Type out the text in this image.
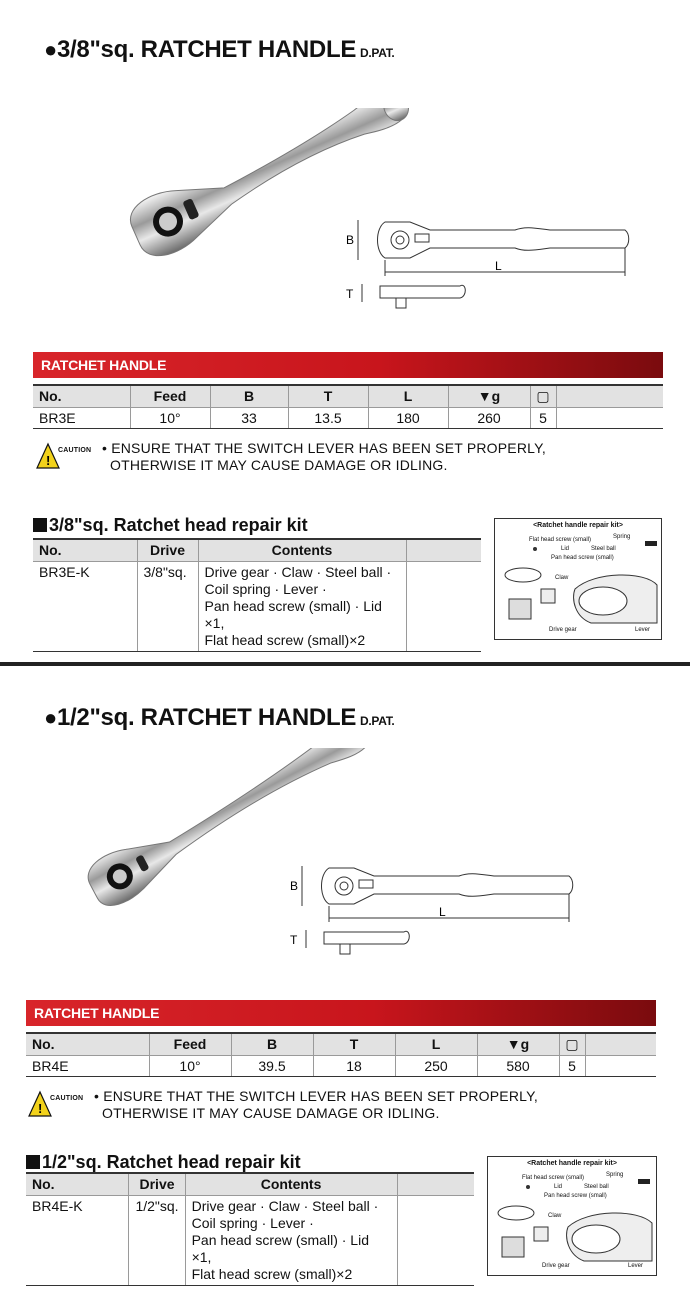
●3/8"sq. RATCHET HANDLE D.PAT.
B
L
T
RATCHET HANDLE
No.	Feed	B	T	L	▼g	▢	
BR3E	10°	33	13.5	180	260	5	
!
CAUTION • ENSURE THAT THE SWITCH LEVER HAS BEEN SET PROPERLY,
OTHERWISE IT MAY CAUSE DAMAGE OR IDLING.
3/8"sq. Ratchet head repair kit
No.	Drive	Contents	
BR3E-K	3/8"sq.	Drive gear · Claw · Steel ball ·
Coil spring · Lever ·
Pan head screw (small) · Lid ×1,
Flat head screw (small)×2	

<Ratchet handle repair kit>
Flat head screw (small)
Lid
Pan head screw (small)
Claw
Steel ball
Spring
Drive gear	Lever
●1/2"sq. RATCHET HANDLE D.PAT.
B
L
T
RATCHET HANDLE
No.	Feed	B	T	L	▼g	▢	
BR4E	10°	39.5	18	250	580	5	
!
CAUTION • ENSURE THAT THE SWITCH LEVER HAS BEEN SET PROPERLY,
OTHERWISE IT MAY CAUSE DAMAGE OR IDLING.
1/2"sq. Ratchet head repair kit
No.	Drive	Contents	
BR4E-K	1/2"sq.	Drive gear · Claw · Steel ball ·
Coil spring · Lever ·
Pan head screw (small) · Lid ×1,
Flat head screw (small)×2	

<Ratchet handle repair kit>
Flat head screw (small)
Lid
Pan head screw (small)
Claw
Steel ball
Spring
Drive gear	Lever
